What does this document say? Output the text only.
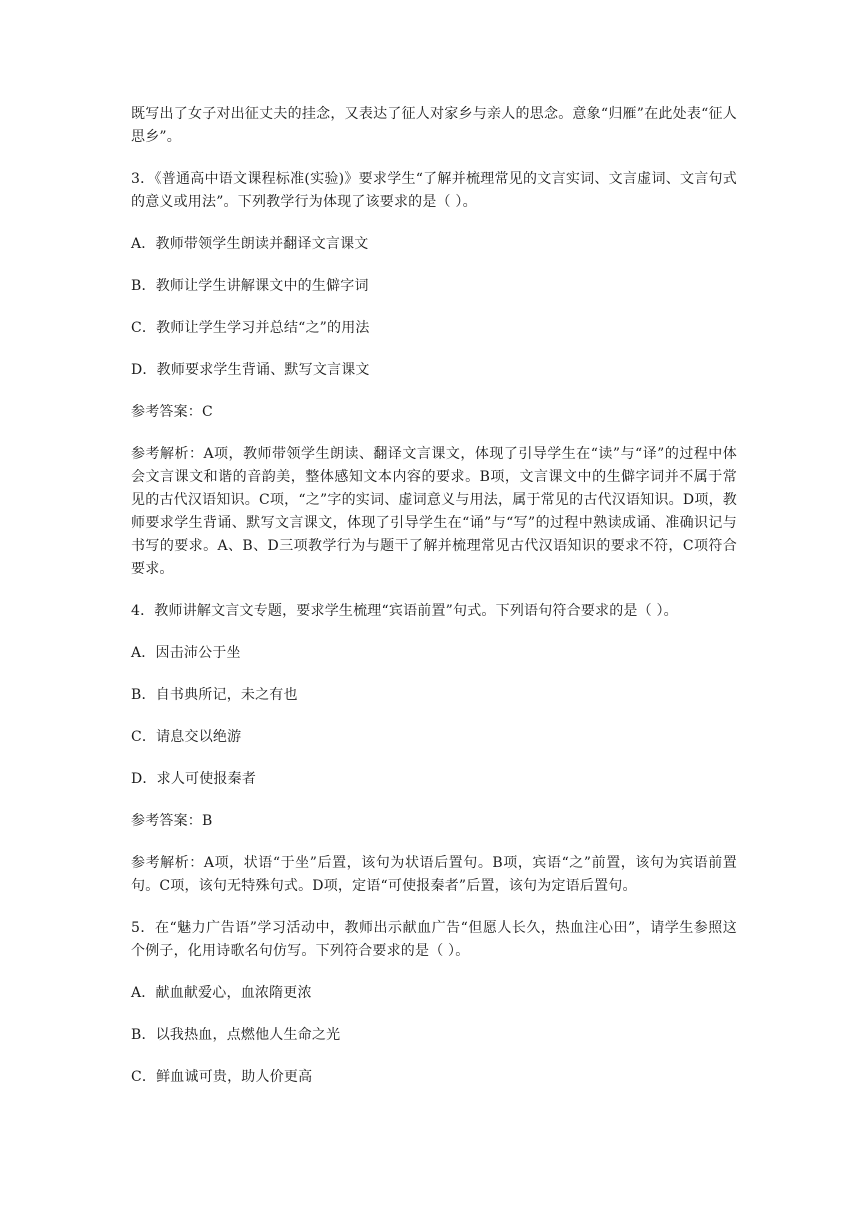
既写出了女子对出征丈夫的挂念，又表达了征人对家乡与亲人的思念。意象“归雁”在此处表“征人思乡”。

3．《普通高中语文课程标准(实验)》要求学生“了解并梳理常见的文言实词、文言虚词、文言句式的意义或用法”。下列教学行为体现了该要求的是（ ）。

A．教师带领学生朗读并翻译文言课文

B．教师让学生讲解课文中的生僻字词

C．教师让学生学习并总结“之”的用法

D．教师要求学生背诵、默写文言课文

参考答案：C

参考解析：A项，教师带领学生朗读、翻译文言课文，体现了引导学生在“读”与“译”的过程中体会文言课文和谐的音韵美，整体感知文本内容的要求。B项，文言课文中的生僻字词并不属于常见的古代汉语知识。C项，“之”字的实词、虚词意义与用法，属于常见的古代汉语知识。D项，教师要求学生背诵、默写文言课文，体现了引导学生在“诵”与“写”的过程中熟读成诵、准确识记与书写的要求。A、B、D三项教学行为与题干了解并梳理常见古代汉语知识的要求不符，C项符合要求。

4．教师讲解文言文专题，要求学生梳理“宾语前置”句式。下列语句符合要求的是（ ）。

A．因击沛公于坐

B．自书典所记，未之有也

C．请息交以绝游

D．求人可使报秦者

参考答案：B

参考解析：A项，状语“于坐”后置，该句为状语后置句。B项，宾语“之”前置，该句为宾语前置句。C项，该句无特殊句式。D项，定语“可使报秦者”后置，该句为定语后置句。

5．在“魅力广告语”学习活动中，教师出示献血广告“但愿人长久，热血注心田”，请学生参照这个例子，化用诗歌名句仿写。下列符合要求的是（ ）。

A．献血献爱心，血浓隋更浓

B．以我热血，点燃他人生命之光

C．鲜血诚可贵，助人价更高
